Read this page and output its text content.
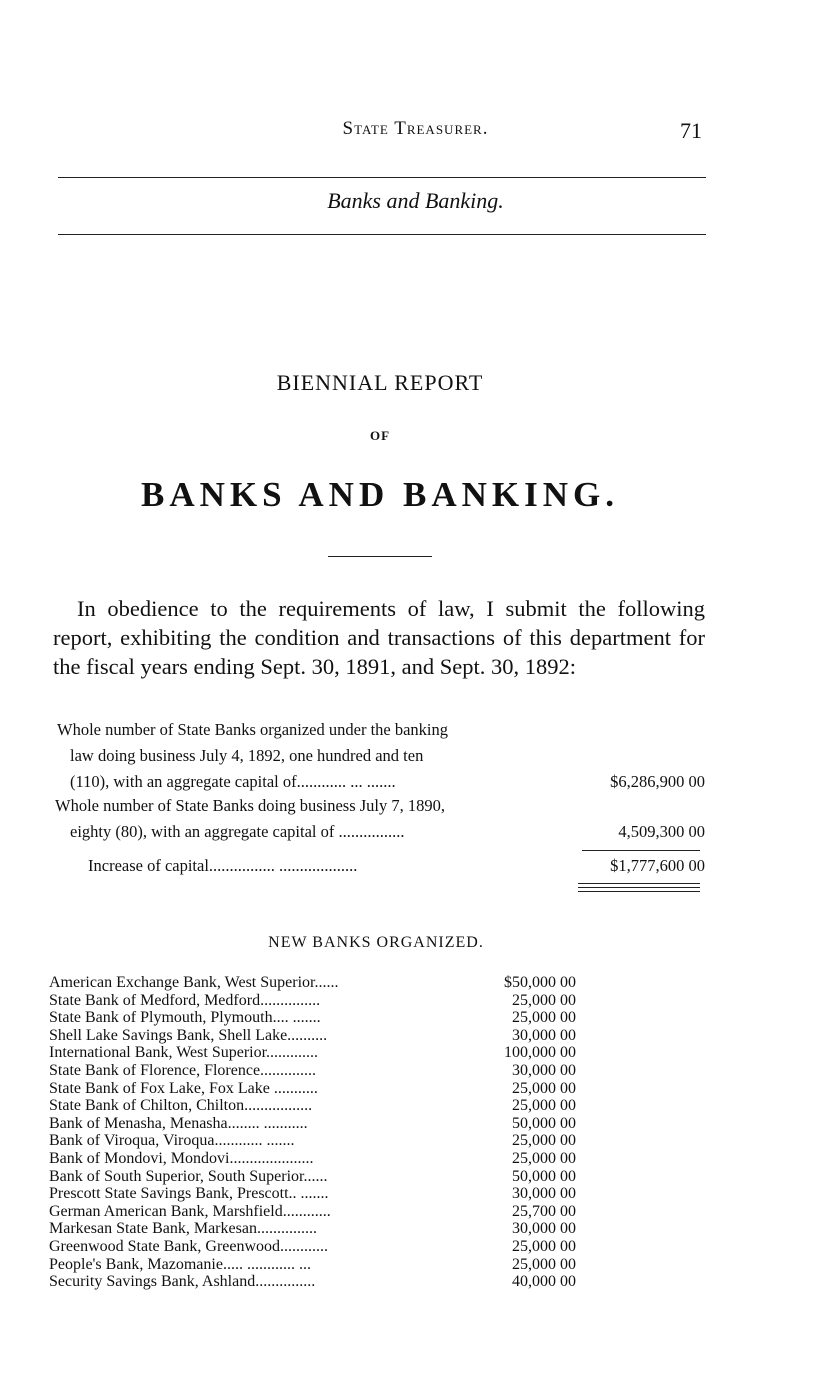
State Treasurer.	71
Banks and Banking.
BIENNIAL REPORT
OF
BANKS AND BANKING.
In obedience to the requirements of law, I submit the following report, exhibiting the condition and transactions of this department for the fiscal years ending Sept. 30, 1891, and Sept. 30, 1892:
Whole number of State Banks organized under the banking
law doing business July 4, 1892, one hundred and ten
(110), with an aggregate capital of............ ... .......	$6,286,900 00
Whole number of State Banks doing business July 7, 1890,
eighty (80), with an aggregate capital of ................	4,509,300 00
Increase of capital................ ...................	$1,777,600 00
NEW BANKS ORGANIZED.
American Exchange Bank, West Superior......	$50,000 00
State Bank of Medford, Medford...............	25,000 00
State Bank of Plymouth, Plymouth.... .......	25,000 00
Shell Lake Savings Bank, Shell Lake..........	30,000 00
International Bank, West Superior.............	100,000 00
State Bank of Florence, Florence..............	30,000 00
State Bank of Fox Lake, Fox Lake ...........	25,000 00
State Bank of Chilton, Chilton.................	25,000 00
Bank of Menasha, Menasha........ ...........	50,000 00
Bank of Viroqua, Viroqua............ .......	25,000 00
Bank of Mondovi, Mondovi.....................	25,000 00
Bank of South Superior, South Superior......	50,000 00
Prescott State Savings Bank, Prescott.. .......	30,000 00
German American Bank, Marshfield............	25,700 00
Markesan State Bank, Markesan...............	30,000 00
Greenwood State Bank, Greenwood............	25,000 00
People's Bank, Mazomanie..... ............ ...	25,000 00
Security Savings Bank, Ashland...............	40,000 00
